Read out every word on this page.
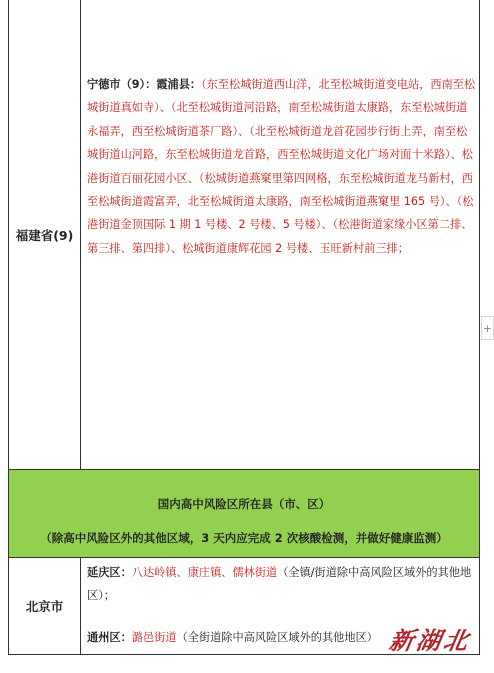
福建省(9)
宁德市（9）：霞浦县：（东至松城街道西山洋，北至松城街道变电站，西南至松城街道真如寺）、（北至松城街道河沿路，南至松城街道太康路，东至松城街道永福弄，西至松城街道茶厂路）、（北至松城街道龙首花园步行街上弄，南至松城街道山河路，东至松城街道龙首路，西至松城街道文化广场对面十米路）、松港街道百丽花园小区、（松城街道燕窠里第四网格，东至松城街道龙马新村，西至松城街道霞富弄，北至松城街道太康路，南至松城街道燕窠里 165 号）、（松港街道金顶国际 1 期 1 号楼、2 号楼、5 号楼）、（松港街道家缘小区第二排、第三排、第四排）、松城街道康辉花园 2 号楼、玉旺新村前三排；
国内高中风险区所在县（市、区）
（除高中风险区外的其他区域，3 天内应完成 2 次核酸检测，并做好健康监测）
北京市
延庆区：八达岭镇、康庄镇、儒林街道（全镇/街道除中高风险区域外的其他地区）；
通州区：潞邑街道（全街道除中高风险区域外的其他地区）
+
新湖北
